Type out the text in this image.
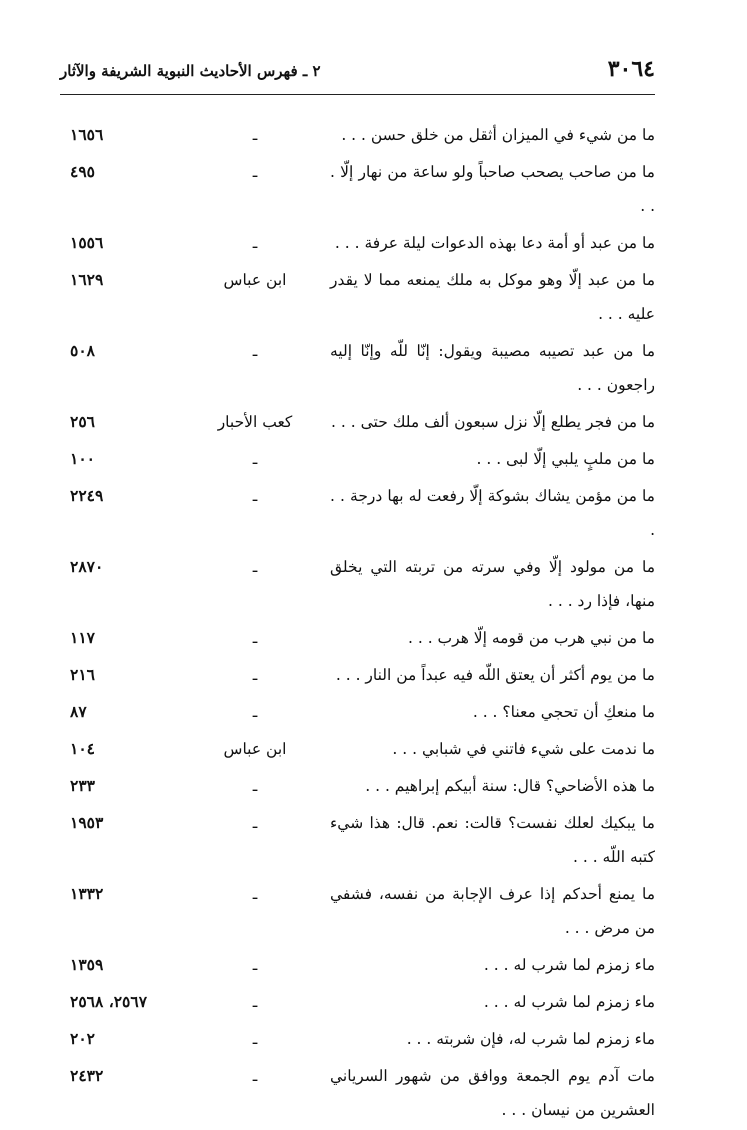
٣٠٦٤
٢ ـ فهرس الأحاديث النبوية الشريفة والآثار
ما من شيء في الميزان أثقل من خلق حسن . . .
ـ
١٦٥٦
ما من صاحب يصحب صاحباً ولو ساعة من نهار إلّا . . .
ـ
٤٩٥
ما من عبد أو أمة دعا بهذه الدعوات ليلة عرفة . . .
ـ
١٥٥٦
ما من عبد إلّا وهو موكل به ملك يمنعه مما لا يقدر عليه . . .
ابن عباس
١٦٢٩
ما من عبد تصيبه مصيبة ويقول: إنّا للّه وإنّا إليه راجعون . . .
ـ
٥٠٨
ما من فجر يطلع إلّا نزل سبعون ألف ملك حتى . . .
كعب الأحبار
٢٥٦
ما من ملبٍ يلبي إلّا لبى . . .
ـ
١٠٠
ما من مؤمن يشاك بشوكة إلّا رفعت له بها درجة . . .
ـ
٢٢٤٩
ما من مولود إلّا وفي سرته من تربته التي يخلق منها، فإذا رد . . .
ـ
٢٨٧٠
ما من نبي هرب من قومه إلّا هرب . . .
ـ
١١٧
ما من يوم أكثر أن يعتق اللّه فيه عبداً من النار . . .
ـ
٢١٦
ما منعكِ أن تحجي معنا؟ . . .
ـ
٨٧
ما ندمت على شيء فاتني في شبابي . . .
ابن عباس
١٠٤
ما هذه الأضاحي؟ قال: سنة أبيكم إبراهيم . . .
ـ
٢٣٣
ما يبكيك لعلك نفست؟ قالت: نعم. قال: هذا شيء كتبه اللّه . . .
ـ
١٩٥٣
ما يمنع أحدكم إذا عرف الإجابة من نفسه، فشفي من مرض . . .
ـ
١٣٣٢
ماء زمزم لما شرب له . . .
ـ
١٣٥٩
ماء زمزم لما شرب له . . .
ـ
٢٥٦٧، ٢٥٦٨
ماء زمزم لما شرب له، فإن شربته . . .
ـ
٢٠٢
مات آدم يوم الجمعة ووافق من شهور السرياني العشرين من نيسان . . .
ـ
٢٤٣٢
